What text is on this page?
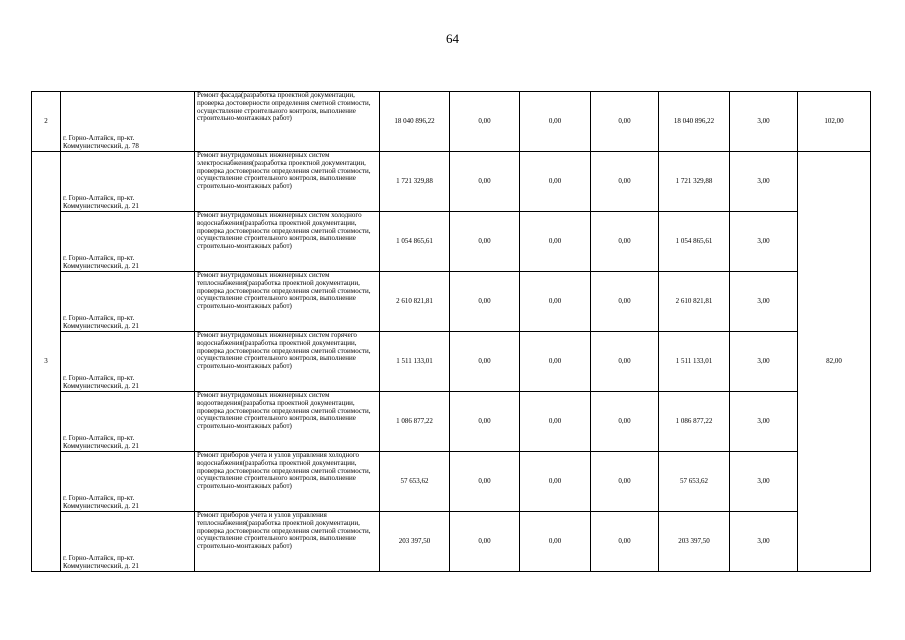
64
2	г. Горно-Алтайск, пр-кт. Коммунистический, д. 78	Ремонт фасада(разработка проектной документации, проверка достоверности определения сметной стоимости, осуществление строительного контроля, выполнение строительно-монтажных работ)	18 040 896,22	0,00	0,00	0,00	18 040 896,22	3,00	102,00
3	г. Горно-Алтайск, пр-кт. Коммунистический, д. 21	Ремонт внутридомовых инженерных систем электроснабжения(разработка проектной документации, проверка достоверности определения сметной стоимости, осуществление строительного контроля, выполнение строительно-монтажных работ)	1 721 329,88	0,00	0,00	0,00	1 721 329,88	3,00	82,00
	г. Горно-Алтайск, пр-кт. Коммунистический, д. 21	Ремонт внутридомовых инженерных систем холодного водоснабжения(разработка проектной документации, проверка достоверности определения сметной стоимости, осуществление строительного контроля, выполнение строительно-монтажных работ)	1 054 865,61	0,00	0,00	0,00	1 054 865,61	3,00	
	г. Горно-Алтайск, пр-кт. Коммунистический, д. 21	Ремонт внутридомовых инженерных систем теплоснабжения(разработка проектной документации, проверка достоверности определения сметной стоимости, осуществление строительного контроля, выполнение строительно-монтажных работ)	2 610 821,81	0,00	0,00	0,00	2 610 821,81	3,00	
	г. Горно-Алтайск, пр-кт. Коммунистический, д. 21	Ремонт внутридомовых инженерных систем горячего водоснабжения(разработка проектной документации, проверка достоверности определения сметной стоимости, осуществление строительного контроля, выполнение строительно-монтажных работ)	1 511 133,01	0,00	0,00	0,00	1 511 133,01	3,00	
	г. Горно-Алтайск, пр-кт. Коммунистический, д. 21	Ремонт внутридомовых инженерных систем водоотведения(разработка проектной документации, проверка достоверности определения сметной стоимости, осуществление строительного контроля, выполнение строительно-монтажных работ)	1 086 877,22	0,00	0,00	0,00	1 086 877,22	3,00	
	г. Горно-Алтайск, пр-кт. Коммунистический, д. 21	Ремонт приборов учета и узлов управления холодного водоснабжения(разработка проектной документации, проверка достоверности определения сметной стоимости, осуществление строительного контроля, выполнение строительно-монтажных работ)	57 653,62	0,00	0,00	0,00	57 653,62	3,00	
	г. Горно-Алтайск, пр-кт. Коммунистический, д. 21	Ремонт приборов учета и узлов управления теплоснабжения(разработка проектной документации, проверка достоверности определения сметной стоимости, осуществление строительного контроля, выполнение строительно-монтажных работ)	203 397,50	0,00	0,00	0,00	203 397,50	3,00	
